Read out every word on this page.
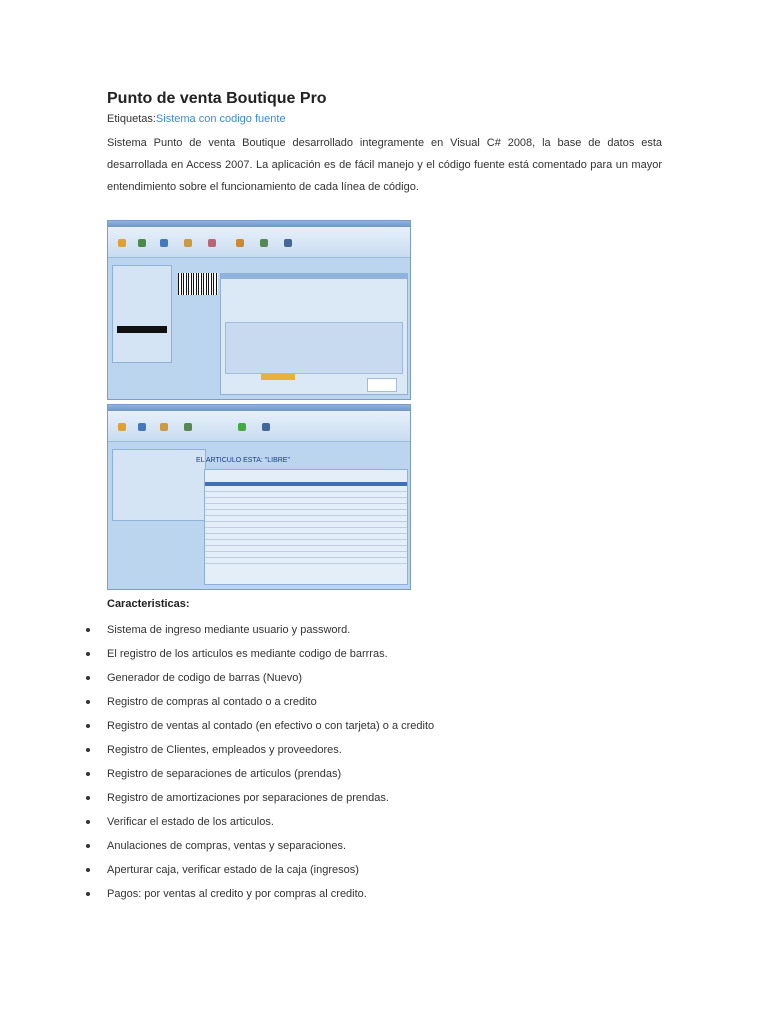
Punto de venta Boutique Pro
Etiquetas:Sistema con codigo fuente

Sistema Punto de venta Boutique desarrollado integramente en Visual C# 2008, la base de datos esta desarrollada en Access 2007. La aplicación es de fácil manejo y el código fuente está comentado para un mayor entendimiento sobre el funcionamiento de cada línea de código.

EL ARTICULO ESTA: "LIBRE"

Caracteristicas:

Sistema de ingreso mediante usuario y password.
El registro de los articulos es mediante codigo de barrras.
Generador de codigo de barras (Nuevo)
Registro de compras al contado o a credito
Registro de ventas al contado (en efectivo o con tarjeta) o a credito
Registro de Clientes, empleados y proveedores.
Registro de separaciones de articulos (prendas)
Registro de amortizaciones por separaciones de prendas.
Verificar el estado de los articulos.
Anulaciones de compras, ventas y separaciones.
Aperturar caja, verificar estado de la caja (ingresos)
Pagos: por ventas al credito y por compras al credito.
